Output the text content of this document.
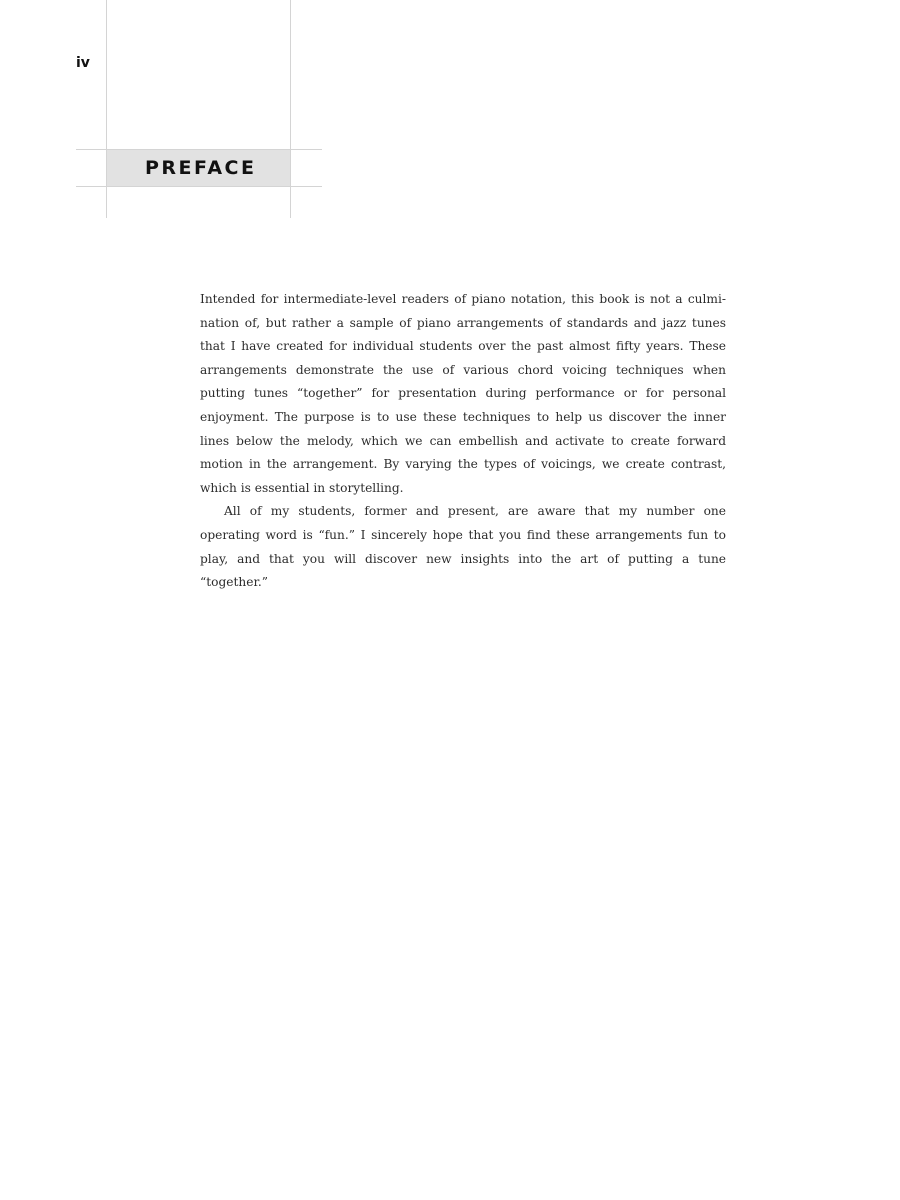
iv
PREFACE

Intended for intermediate-level readers of piano notation, this book is not a culmination of, but rather a sample of piano arrangements of standards and jazz tunes that I have created for individual students over the past almost fifty years. These arrangements demonstrate the use of various chord voicing techniques when putting tunes “together” for presentation during performance or for personal enjoyment. The purpose is to use these techniques to help us discover the inner lines below the melody, which we can embellish and activate to create forward motion in the arrangement. By varying the types of voicings, we create contrast, which is essential in storytelling.

All of my students, former and present, are aware that my number one operating word is “fun.” I sincerely hope that you find these arrangements fun to play, and that you will discover new insights into the art of putting a tune “together.”
